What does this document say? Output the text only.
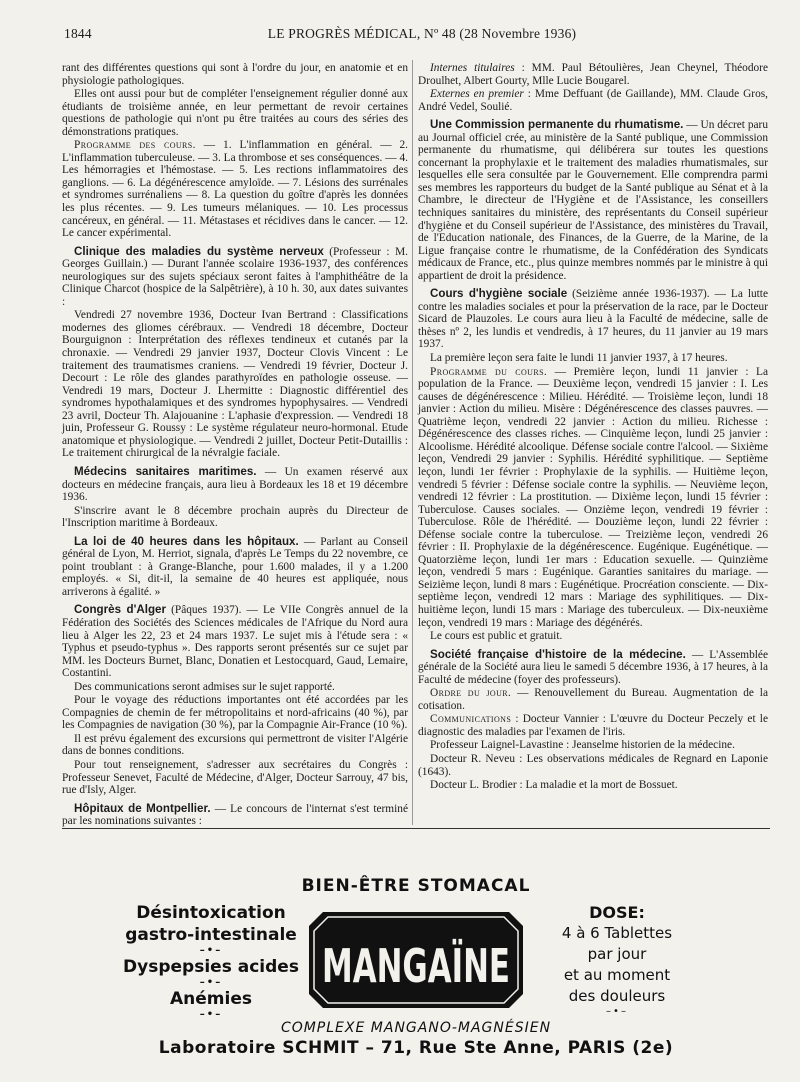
1844	LE PROGRÈS MÉDICAL, Nº 48 (28 Novembre 1936)

rant des différentes questions qui sont à l'ordre du jour, en anatomie et en physiologie pathologiques.

Elles ont aussi pour but de compléter l'enseignement régulier donné aux étudiants de troisième année, en leur permettant de revoir certaines questions de pathologie qui n'ont pu être traitées au cours des séries des démonstrations pratiques.

Programme des cours. — 1. L'inflammation en général. — 2. L'inflammation tuberculeuse. — 3. La thrombose et ses conséquences. — 4. Les hémorragies et l'hémostase. — 5. Les rections inflammatoires des ganglions. — 6. La dégénérescence amyloïde. — 7. Lésions des surrénales et syndromes surrénaliens — 8. La question du goître d'après les données les plus récentes. — 9. Les tumeurs mélaniques. — 10. Les processus cancéreux, en général. — 11. Métastases et récidives dans le cancer. — 12. Le cancer expérimental.

Clinique des maladies du système nerveux (Professeur : M. Georges Guillain.) — Durant l'année scolaire 1936-1937, des conférences neurologiques sur des sujets spéciaux seront faites à l'amphithéâtre de la Clinique Charcot (hospice de la Salpêtrière), à 10 h. 30, aux dates suivantes :

Vendredi 27 novembre 1936, Docteur Ivan Bertrand : Classifications modernes des gliomes cérébraux. — Vendredi 18 décembre, Docteur Bourguignon : Interprétation des réflexes tendineux et cutanés par la chronaxie. — Vendredi 29 janvier 1937, Docteur Clovis Vincent : Le traitement des traumatismes craniens. — Vendredi 19 février, Docteur J. Decourt : Le rôle des glandes parathyroïdes en pathologie osseuse. — Vendredi 19 mars, Docteur J. Lhermitte : Diagnostic différentiel des syndromes hypothalamiques et des syndromes hypophysaires. — Vendredi 23 avril, Docteur Th. Alajouanine : L'aphasie d'expression. — Vendredi 18 juin, Professeur G. Roussy : Le système régulateur neuro-hormonal. Etude anatomique et physiologique. — Vendredi 2 juillet, Docteur Petit-Dutaillis : Le traitement chirurgical de la névralgie faciale.

Médecins sanitaires maritimes. — Un examen réservé aux docteurs en médecine français, aura lieu à Bordeaux les 18 et 19 décembre 1936.

S'inscrire avant le 8 décembre prochain auprès du Directeur de l'Inscription maritime à Bordeaux.

La loi de 40 heures dans les hôpitaux. — Parlant au Conseil général de Lyon, M. Herriot, signala, d'après Le Temps du 22 novembre, ce point troublant : à Grange-Blanche, pour 1.600 malades, il y a 1.200 employés. « Si, dit-il, la semaine de 40 heures est appliquée, nous arriverons à égalité. »

Congrès d'Alger (Pâques 1937). — Le VIIe Congrès annuel de la Fédération des Sociétés des Sciences médicales de l'Afrique du Nord aura lieu à Alger les 22, 23 et 24 mars 1937. Le sujet mis à l'étude sera : « Typhus et pseudo-typhus ». Des rapports seront présentés sur ce sujet par MM. les Docteurs Burnet, Blanc, Donatien et Lestocquard, Gaud, Lemaire, Costantini.

Des communications seront admises sur le sujet rapporté.

Pour le voyage des réductions importantes ont été accordées par les Compagnies de chemin de fer métropolitains et nord-africains (40 %), par les Compagnies de navigation (30 %), par la Compagnie Air-France (10 %).

Il est prévu également des excursions qui permettront de visiter l'Algérie dans de bonnes conditions.

Pour tout renseignement, s'adresser aux secrétaires du Congrès : Professeur Senevet, Faculté de Médecine, d'Alger, Docteur Sarrouy, 47 bis, rue d'Isly, Alger.

Hôpitaux de Montpellier. — Le concours de l'internat s'est terminé par les nominations suivantes :

Internes titulaires : MM. Paul Bétoulières, Jean Cheynel, Théodore Droulhet, Albert Gourty, Mlle Lucie Bougarel.

Externes en premier : Mme Deffuant (de Gaillande), MM. Claude Gros, André Vedel, Soulié.

Une Commission permanente du rhumatisme. — Un décret paru au Journal officiel crée, au ministère de la Santé publique, une Commission permanente du rhumatisme, qui délibérera sur toutes les questions concernant la prophylaxie et le traitement des maladies rhumatismales, sur lesquelles elle sera consultée par le Gouvernement. Elle comprendra parmi ses membres les rapporteurs du budget de la Santé publique au Sénat et à la Chambre, le directeur de l'Hygiène et de l'Assistance, les conseillers techniques sanitaires du ministère, des représentants du Conseil supérieur d'hygiène et du Conseil supérieur de l'Assistance, des ministères du Travail, de l'Education nationale, des Finances, de la Guerre, de la Marine, de la Ligue française contre le rhumatisme, de la Confédération des Syndicats médicaux de France, etc., plus quinze membres nommés par le ministre à qui appartient de droit la présidence.

Cours d'hygiène sociale (Seizième année 1936-1937). — La lutte contre les maladies sociales et pour la préservation de la race, par le Docteur Sicard de Plauzoles. Le cours aura lieu à la Faculté de médecine, salle de thèses nº 2, les lundis et vendredis, à 17 heures, du 11 janvier au 19 mars 1937.

La première leçon sera faite le lundi 11 janvier 1937, à 17 heures.

Programme du cours. — Première leçon, lundi 11 janvier : La population de la France. — Deuxième leçon, vendredi 15 janvier : I. Les causes de dégénérescence : Milieu. Hérédité. — Troisième leçon, lundi 18 janvier : Action du milieu. Misère : Dégénérescence des classes pauvres. — Quatrième leçon, vendredi 22 janvier : Action du milieu. Richesse : Dégénérescence des classes riches. — Cinquième leçon, lundi 25 janvier : Alcoolisme. Hérédité alcoolique. Défense sociale contre l'alcool. — Sixième leçon, Vendredi 29 janvier : Syphilis. Hérédité syphilitique. — Septième leçon, lundi 1er février : Prophylaxie de la syphilis. — Huitième leçon, vendredi 5 février : Défense sociale contre la syphilis. — Neuvième leçon, vendredi 12 février : La prostitution. — Dixième leçon, lundi 15 février : Tuberculose. Causes sociales. — Onzième leçon, vendredi 19 février : Tuberculose. Rôle de l'hérédité. — Douzième leçon, lundi 22 février : Défense sociale contre la tuberculose. — Treizième leçon, vendredi 26 février : II. Prophylaxie de la dégénérescence. Eugénique. Eugénétique. — Quatorzième leçon, lundi 1er mars : Education sexuelle. — Quinzième leçon, vendredi 5 mars : Eugénique. Garanties sanitaires du mariage. — Seizième leçon, lundi 8 mars : Eugénétique. Procréation consciente. — Dix-septième leçon, vendredi 12 mars : Mariage des syphilitiques. — Dix-huitième leçon, lundi 15 mars : Mariage des tuberculeux. — Dix-neuxième leçon, vendredi 19 mars : Mariage des dégénérés.

Le cours est public et gratuit.

Société française d'histoire de la médecine. — L'Assemblée générale de la Société aura lieu le samedi 5 décembre 1936, à 17 heures, à la Faculté de médecine (foyer des professeurs).

Ordre du jour. — Renouvellement du Bureau. Augmentation de la cotisation.

Communications : Docteur Vannier : L'œuvre du Docteur Peczely et le diagnostic des maladies par l'examen de l'iris.

Professeur Laignel-Lavastine : Jeanselme historien de la médecine.

Docteur R. Neveu : Les observations médicales de Regnard en Laponie (1643).

Docteur L. Brodier : La maladie et la mort de Bossuet.

BIEN-ÊTRE STOMACAL
Désintoxication
gastro-intestinale
–•–
Dyspepsies acides
–•–
Anémies
–•–
MANGAÏNE
DOSE:
4 à 6 Tablettes
par jour
et au moment
des douleurs
–•–
COMPLEXE MANGANO-MAGNÉSIEN
Laboratoire SCHMIT – 71, Rue Ste Anne, PARIS (2e)
